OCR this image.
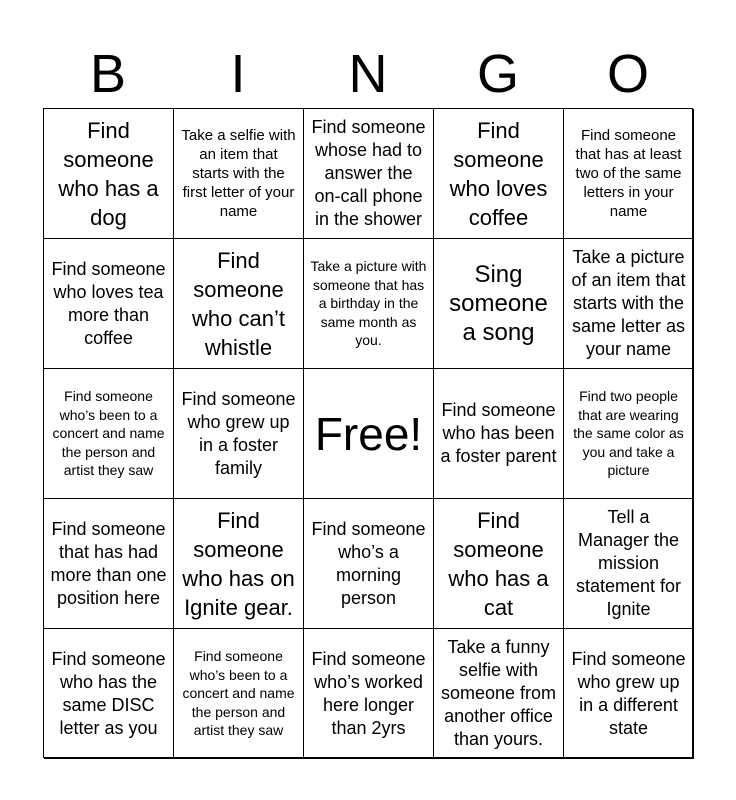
B	I	N	G	O
Find someone who has a dog
Take a selfie with an item that starts with the first letter of your name
Find someone whose had to answer the on-call phone in the shower
Find someone who loves coffee
Find someone that has at least two of the same letters in your name
Find someone who loves tea more than coffee
Find someone who can’t whistle
Take a picture with someone that has a birthday in the same month as you.
Sing someone a song
Take a picture of an item that starts with the same letter as your name
Find someone who’s been to a concert and name the person and artist they saw
Find someone who grew up in a foster family
Free! Find someone who has been a foster parent
Find two people that are wearing the same color as you and take a picture
Find someone that has had more than one position here
Find someone who has on Ignite gear.
Find someone who’s a morning person
Find someone who has a cat
Tell a Manager the mission statement for Ignite
Find someone who has the same DISC letter as you
Find someone who’s been to a concert and name the person and artist they saw
Find someone who’s worked here longer than 2yrs
Take a funny selfie with someone from another office than yours.
Find someone who grew up in a different state
